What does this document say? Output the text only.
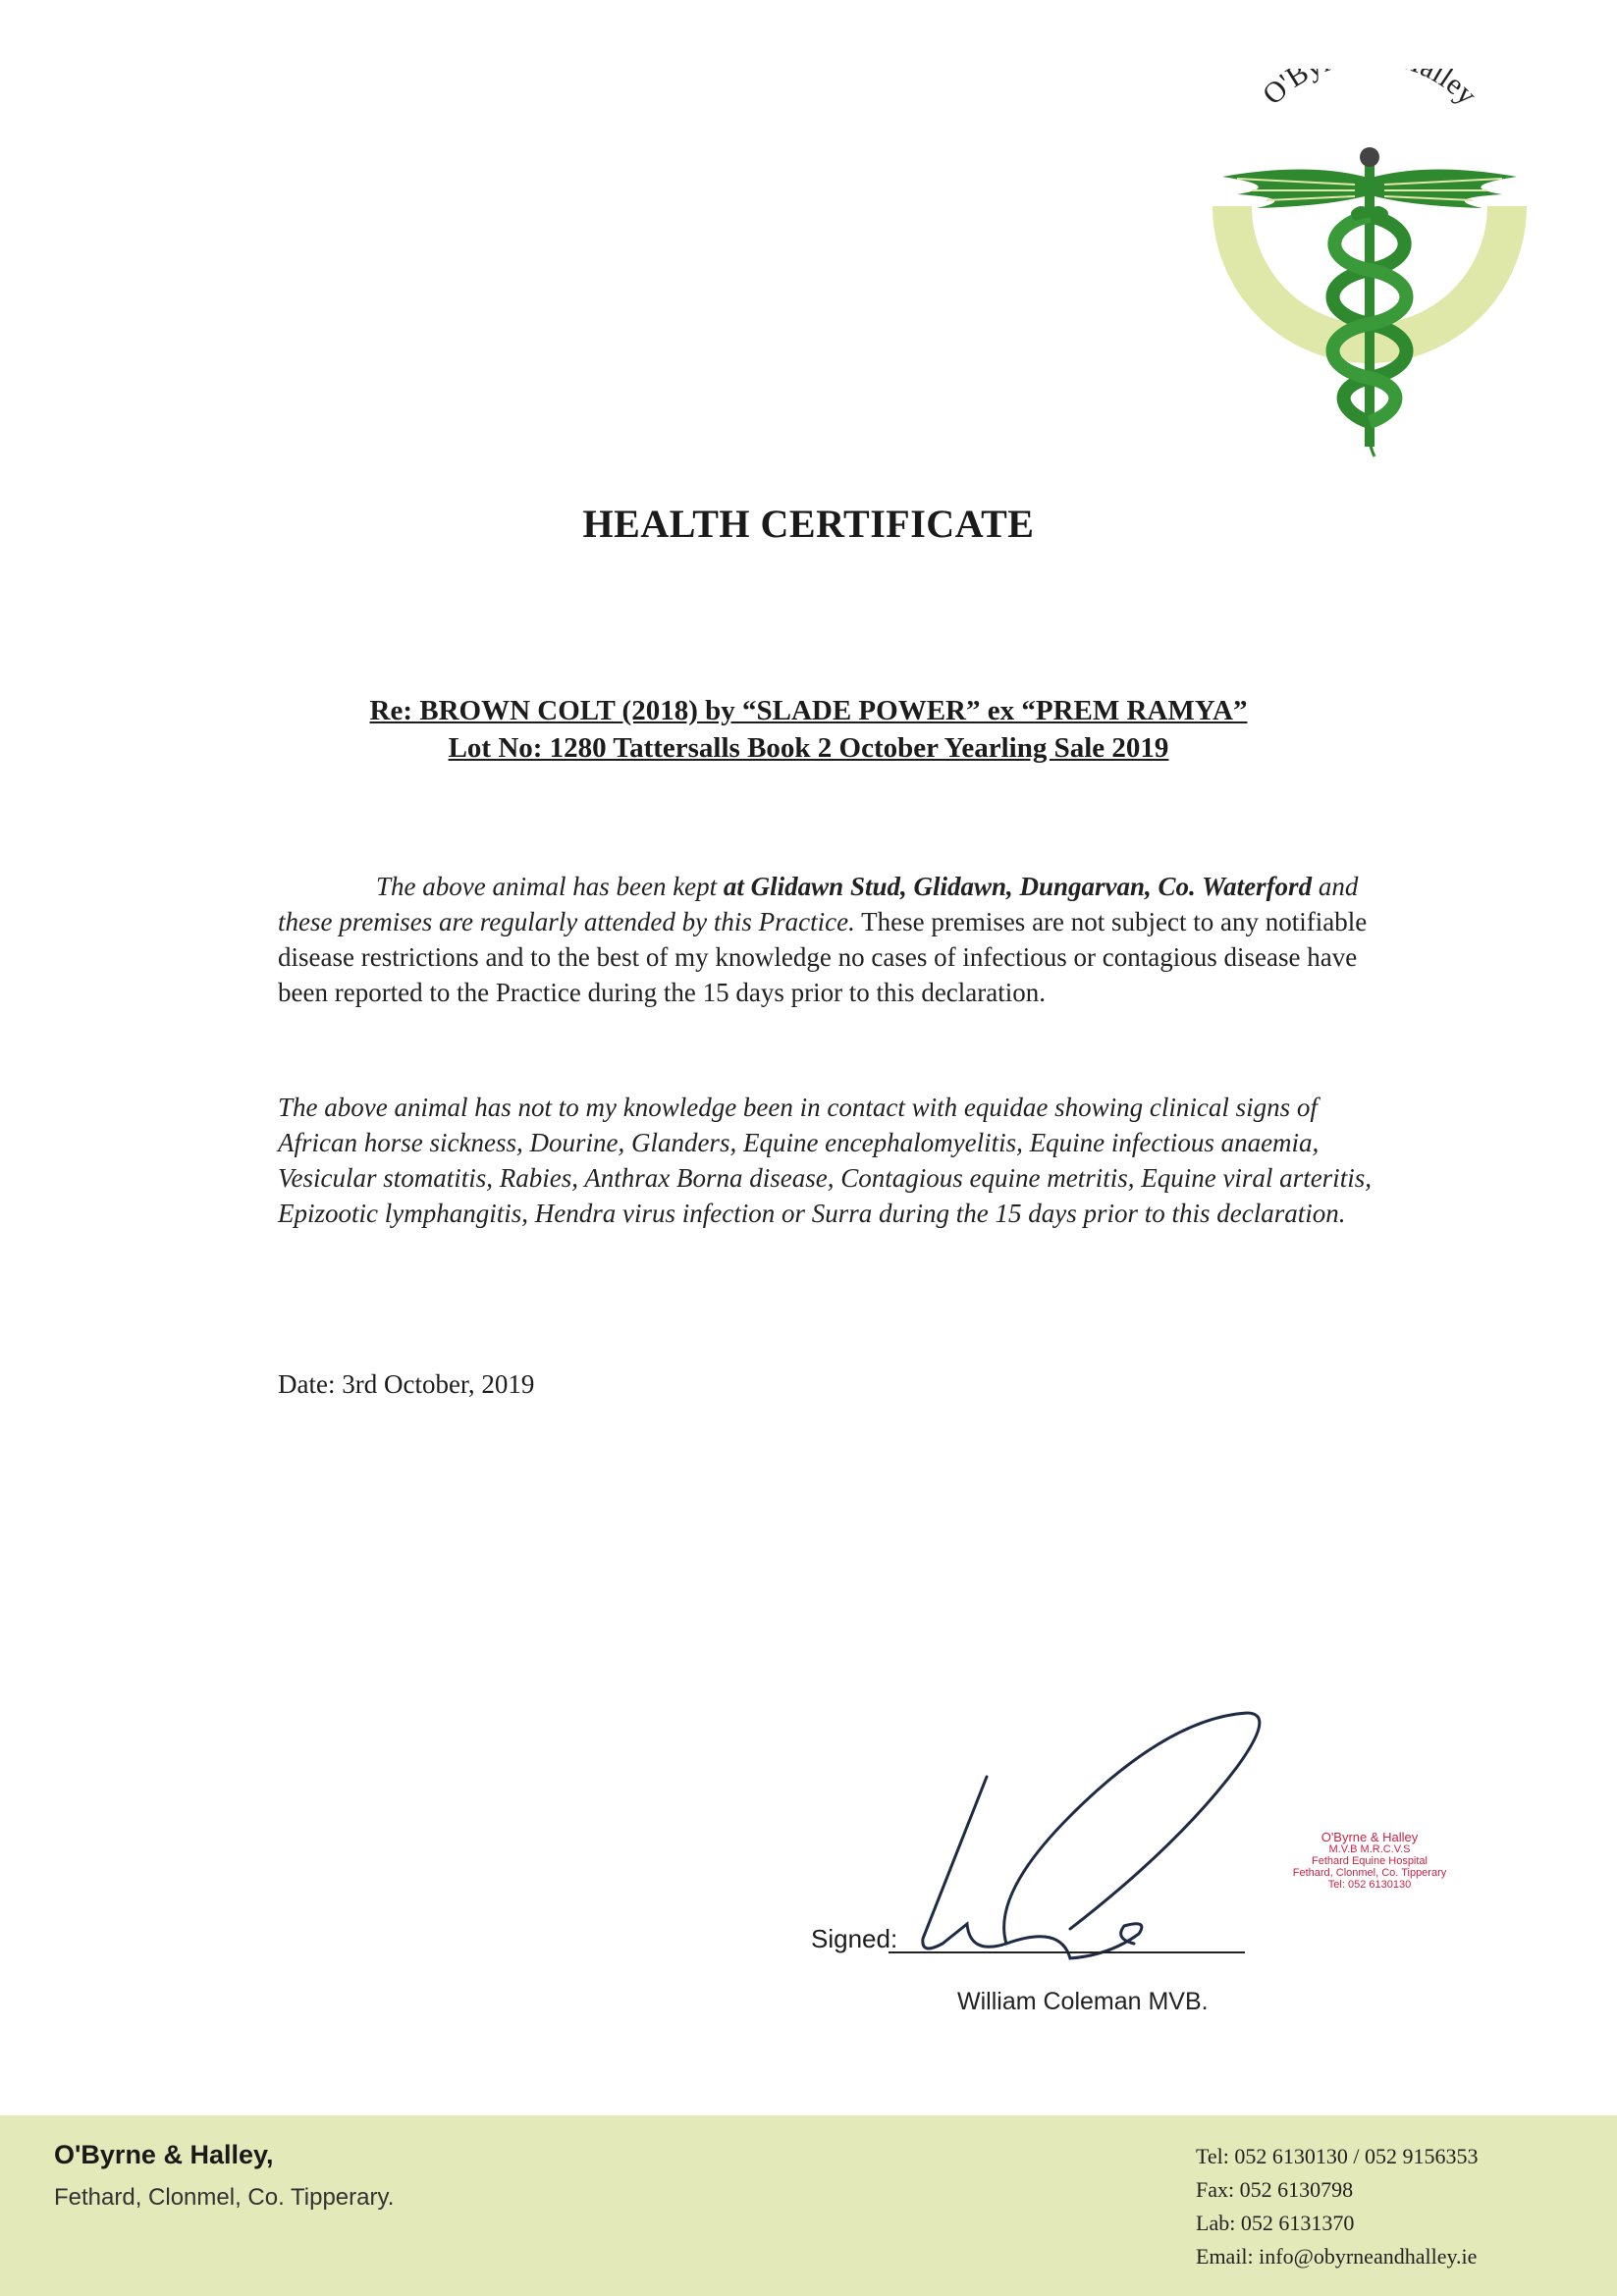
O'B lley
HEALTH CERTIFICATE
Re: BROWN COLT (2018) by “SLADE POWER” ex “PREM RAMYA”
Lot No: 1280 Tattersalls Book 2 October Yearling Sale 2019
The above animal has been kept at Glidawn Stud, Glidawn, Dungarvan, Co. Waterford and these premises are regularly attended by this Practice. These premises are not subject to any notifiable disease restrictions and to the best of my knowledge no cases of infectious or contagious disease have been reported to the Practice during the 15 days prior to this declaration.
The above animal has not to my knowledge been in contact with equidae showing clinical signs of African horse sickness, Dourine, Glanders, Equine encephalomyelitis, Equine infectious anaemia, Vesicular stomatitis, Rabies, Anthrax Borna disease, Contagious equine metritis, Equine viral arteritis, Epizootic lymphangitis, Hendra virus infection or Surra during the 15 days prior to this declaration.
Date: 3rd October, 2019
O'Byrne & Halley
M.V.B M.R.C.V.S
Fethard Equine Hospital
Fethard, Clonmel, Co. Tipperary
Tel: 052 6130130
Signed:
William Coleman MVB.
O'Byrne & Halley,
Fethard, Clonmel, Co. Tipperary.
Tel: 052 6130130 / 052 9156353
Fax: 052 6130798
Lab: 052 6131370
Email: info@obyrneandhalley.ie
